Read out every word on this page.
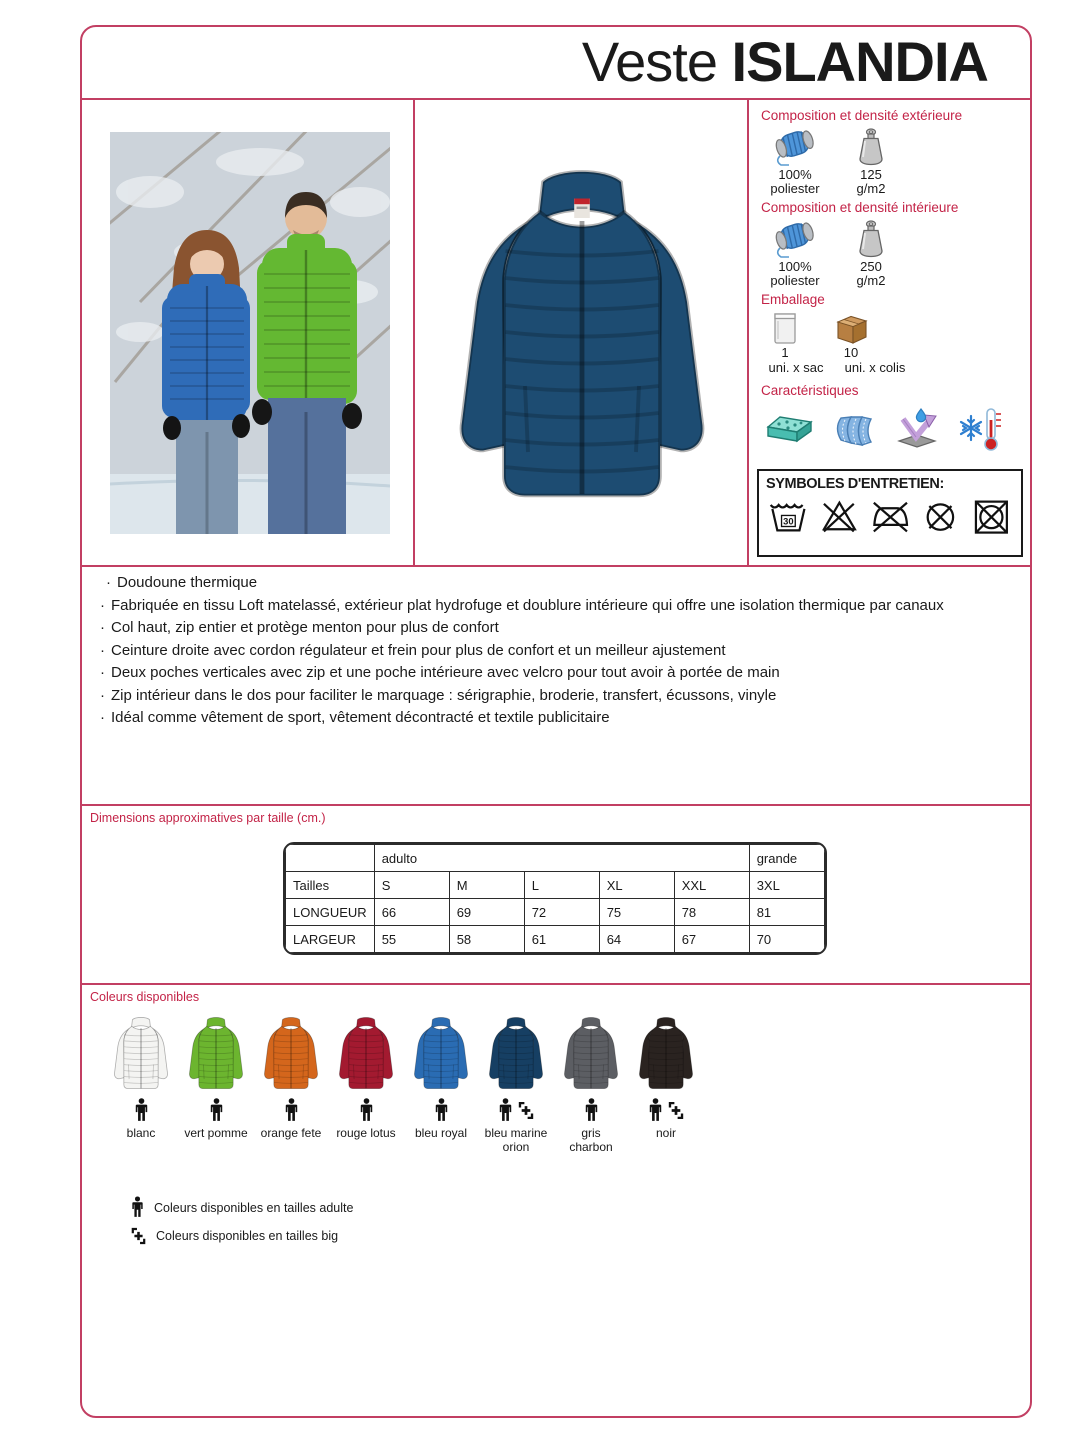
Veste ISLANDIA
Composition et densité extérieure
100% poliester
125 g/m2
Composition et densité intérieure
100% poliester
250 g/m2
Emballage
1	10
uni. x sac	uni. x colis
Caractéristiques
SYMBOLES D'ENTRETIEN:
30
· Doudoune thermique
· Fabriquée en tissu Loft matelassé, extérieur plat hydrofuge et doublure intérieure qui offre une isolation thermique par canaux
· Col haut, zip entier et protège menton pour plus de confort
· Ceinture droite avec cordon régulateur et frein pour plus de confort et un meilleur ajustement
· Deux poches verticales avec zip et une poche intérieure avec velcro pour tout avoir à portée de main
· Zip intérieur dans le dos pour faciliter le marquage : sérigraphie, broderie, transfert, écussons, vinyle
· Idéal comme vêtement de sport, vêtement décontracté et textile publicitaire
Dimensions approximatives par taille (cm.)
	adulto					grande
Tailles	S	M	L	XL	XXL	3XL
LONGUEUR	66	69	72	75	78	81
LARGEUR	55	58	61	64	67	70
Coleurs disponibles
blanc vert pomme orange fete rouge lotus bleu royal bleu marine orion
gris charbon
noir
Coleurs disponibles en tailles adulte
Coleurs disponibles en tailles big
